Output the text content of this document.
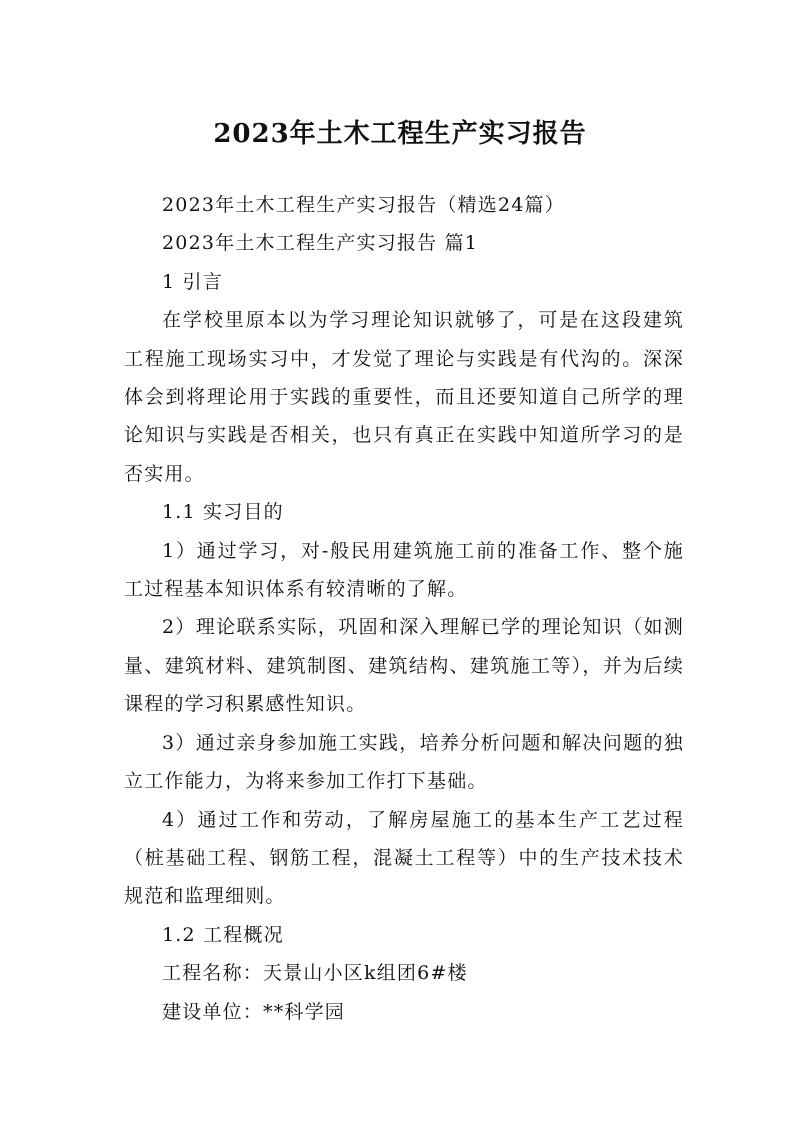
2023年土木工程生产实习报告

2023年土木工程生产实习报告（精选24篇）

2023年土木工程生产实习报告 篇1

1 引言

在学校里原本以为学习理论知识就够了，可是在这段建筑工程施工现场实习中，才发觉了理论与实践是有代沟的。深深体会到将理论用于实践的重要性，而且还要知道自己所学的理论知识与实践是否相关，也只有真正在实践中知道所学习的是否实用。

1.1 实习目的

1）通过学习，对-般民用建筑施工前的准备工作、整个施工过程基本知识体系有较清晰的了解。

2）理论联系实际，巩固和深入理解已学的理论知识（如测量、建筑材料、建筑制图、建筑结构、建筑施工等），并为后续课程的学习积累感性知识。

3）通过亲身参加施工实践，培养分析问题和解决问题的独立工作能力，为将来参加工作打下基础。

4）通过工作和劳动，了解房屋施工的基本生产工艺过程（桩基础工程、钢筋工程，混凝土工程等）中的生产技术技术规范和监理细则。

1.2 工程概况

工程名称：天景山小区k组团6#楼

建设单位：**科学园
